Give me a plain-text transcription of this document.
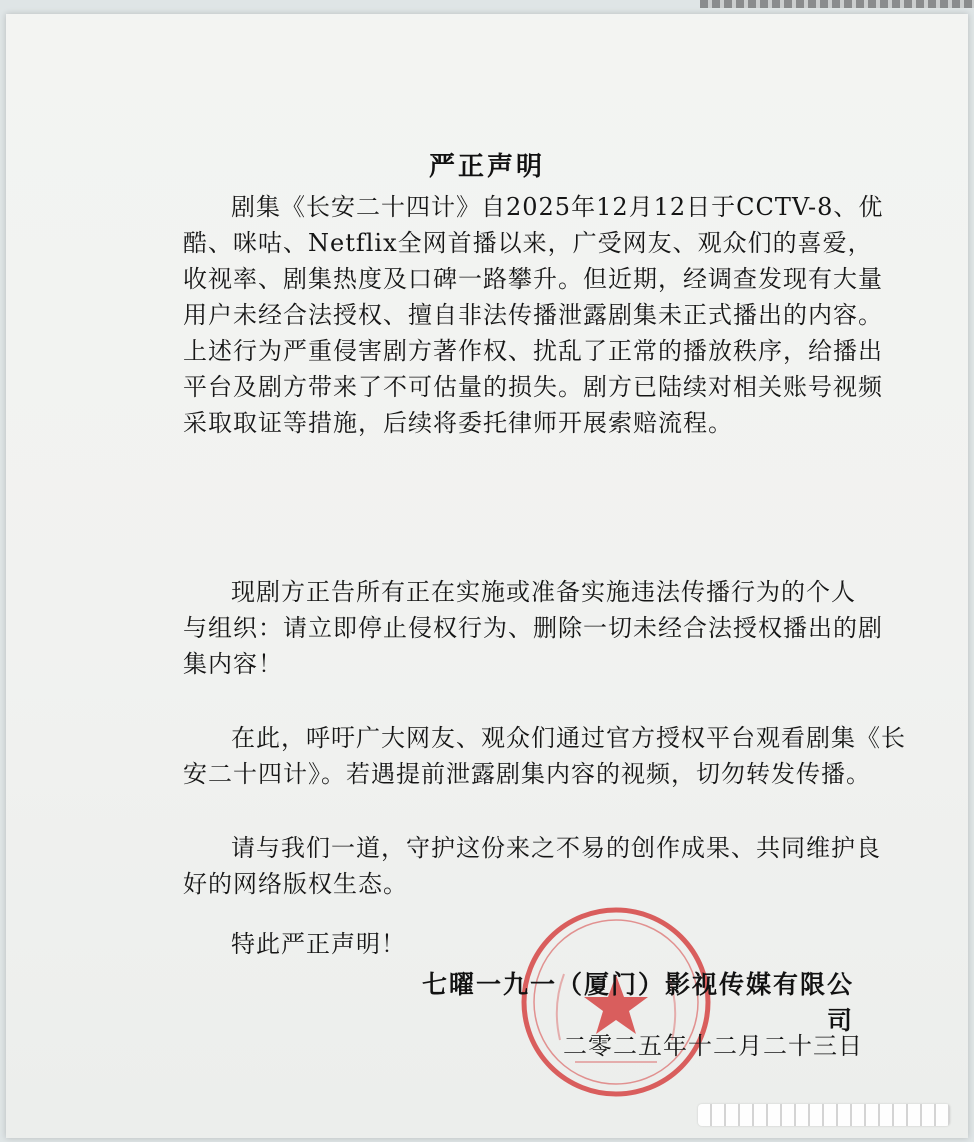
严正声明
剧集《长安二十四计》自2025年12月12日于CCTV-8、优
酷、咪咕、Netflix全网首播以来，广受网友、观众们的喜爱，
收视率、剧集热度及口碑一路攀升。但近期，经调查发现有大量
用户未经合法授权、擅自非法传播泄露剧集未正式播出的内容。
上述行为严重侵害剧方著作权、扰乱了正常的播放秩序，给播出
平台及剧方带来了不可估量的损失。剧方已陆续对相关账号视频
采取取证等措施，后续将委托律师开展索赔流程。
现剧方正告所有正在实施或准备实施违法传播行为的个人
与组织：请立即停止侵权行为、删除一切未经合法授权播出的剧
集内容！
在此，呼吁广大网友、观众们通过官方授权平台观看剧集《长
安二十四计》。若遇提前泄露剧集内容的视频，切勿转发传播。
请与我们一道，守护这份来之不易的创作成果、共同维护良
好的网络版权生态。
特此严正声明！
七曜一九一（厦门）影视传媒有限公司
二零二五年十二月二十三日
